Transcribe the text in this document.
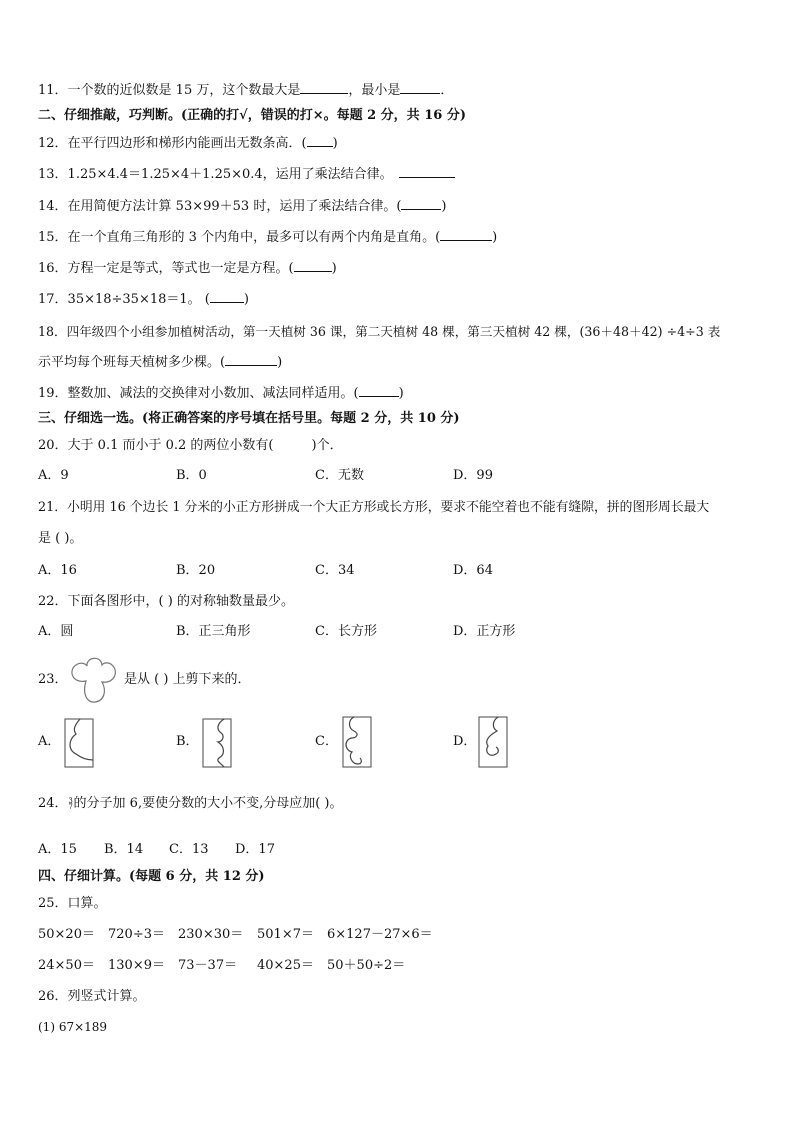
11．一个数的近似数是 15 万，这个数最大是	，最小是	．
二、仔细推敲，巧判断。(正确的打√，错误的打×。每题 2 分，共 16 分)
12．在平行四边形和梯形内能画出无数条高．( )
13．1.25×4.4＝1.25×4＋1.25×0.4，运用了乘法结合律。
14．在用简便方法计算 53×99＋53 时，运用了乘法结合律。(	)
15．在一个直角三角形的 3 个内角中，最多可以有两个内角是直角。(	)
16．方程一定是等式，等式也一定是方程。(	)
17．35×18÷35×18＝1。 (	)
18．四年级四个小组参加植树活动，第一天植树 36 课，第二天植树 48 棵，第三天植树 42 棵，(36＋48＋42) ÷4÷3 表
示平均每个班每天植树多少棵。(	)
19．整数加、减法的交换律对小数加、减法同样适用。(	)
三、仔细选一选。(将正确答案的序号填在括号里。每题 2 分，共 10 分)
20．大于 0.1 而小于 0.2 的两位小数有(	)个．
A．9	B．0	C．无数	D．99
21．小明用 16 个边长 1 分米的小正方形拼成一个大正方形或长方形，要求不能空着也不能有缝隙，拼的图形周长最大
是 ( )。
A．16	B．20	C．34	D．64
22．下面各图形中，( ) 的对称轴数量最少。
A．圆	B．正三角形	C．长方形	D．正方形
23．	是从 ( ) 上剪下来的．
A．	B．	C．	D．
24． 3
7 的分子加 6,要使分数的大小不变,分母应加( )。
A．15 B．14 C．13 D．17
四、仔细计算。(每题 6 分，共 12 分)
25．口算。
50×20＝ 720÷3＝ 230×30＝ 501×7＝ 6×127－27×6＝
24×50＝ 130×9＝ 73－37＝ 40×25＝ 50＋50÷2＝
26．列竖式计算。
(1) 67×189
